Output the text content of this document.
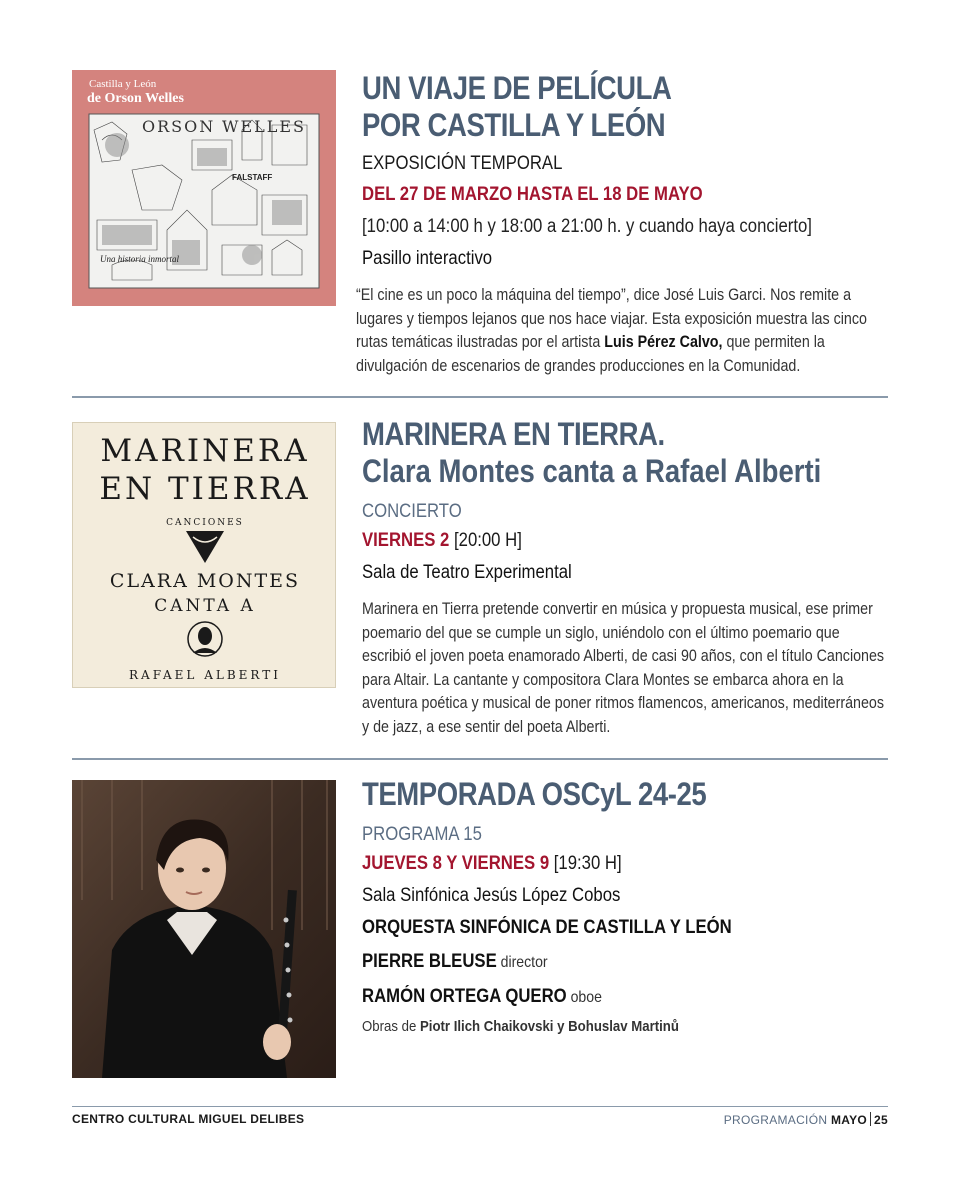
Castilla y León
de Orson Welles
ORSON WELLES
FALSTAFF
Una historia inmortal
UN VIAJE DE PELÍCULA
POR CASTILLA Y LEÓN
EXPOSICIÓN TEMPORAL
DEL 27 DE MARZO HASTA EL 18 DE MAYO
[10:00 a 14:00 h y 18:00 a 21:00 h. y cuando haya concierto]
Pasillo interactivo
“El cine es un poco la máquina del tiempo”, dice José Luis Garci. Nos remite a lugares y tiempos lejanos que nos hace viajar. Esta exposición muestra las cinco rutas temáticas ilustradas por el artista Luis Pérez Calvo, que permiten la divulgación de escenarios de grandes producciones en la Comunidad.
MARINERA
EN TIERRA
CANCIONES
CLARA MONTES
CANTA A
RAFAEL ALBERTI
MARINERA EN TIERRA.
Clara Montes canta a Rafael Alberti
CONCIERTO
VIERNES 2 [20:00 H]
Sala de Teatro Experimental
Marinera en Tierra pretende convertir en música y propuesta musical, ese primer poemario del que se cumple un siglo, uniéndolo con el último poemario que escribió el joven poeta enamorado Alberti, de casi 90 años, con el título Canciones para Altair. La cantante y compositora Clara Montes se embarca ahora en la aventura poética y musical de poner ritmos flamencos, americanos, mediterráneos y de jazz, a ese sentir del poeta Alberti.
TEMPORADA OSCyL 24-25
PROGRAMA 15
JUEVES 8 Y VIERNES 9 [19:30 H]
Sala Sinfónica Jesús López Cobos
ORQUESTA SINFÓNICA DE CASTILLA Y LEÓN
PIERRE BLEUSE director
RAMÓN ORTEGA QUERO oboe
Obras de Piotr Ilich Chaikovski y Bohuslav Martinů
CENTRO CULTURAL MIGUEL DELIBES	PROGRAMACIÓN MAYO 25
